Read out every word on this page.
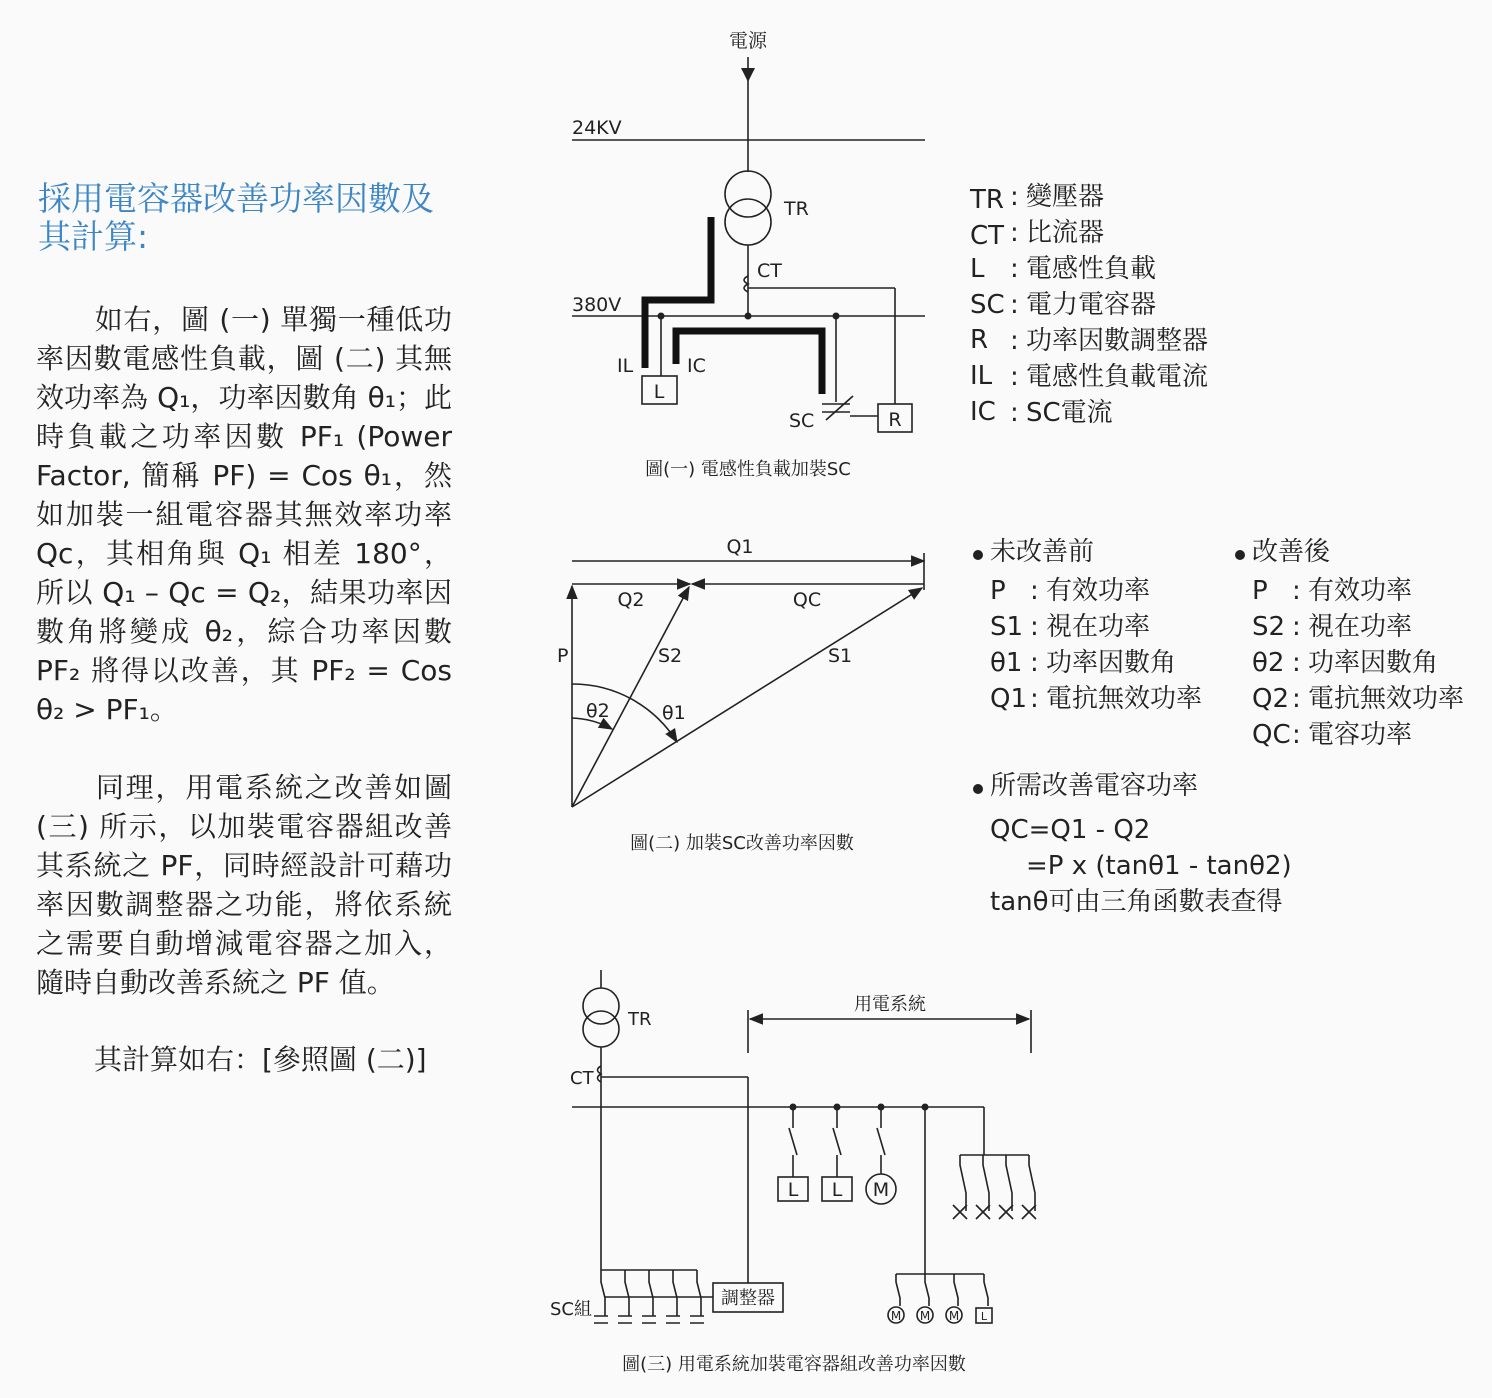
採用電容器改善功率因數及其計算:

如右，圖 (一) 單獨一種低功率因數電感性負載，圖 (二) 其無效功率為 Q₁，功率因數角 θ₁；此時負載之功率因數 PF₁ (Power Factor, 簡稱 PF) = Cos θ₁，然如加裝一組電容器其無效率功率 Qc，其相角與 Q₁ 相差 180°，所以 Q₁ – Qc = Q₂，結果功率因數角將變成 θ₂，綜合功率因數 PF₂ 將得以改善，其 PF₂ = Cos θ₂ > PF₁。

同理，用電系統之改善如圖 (三) 所示，以加裝電容器組改善其系統之 PF，同時經設計可藉功率因數調整器之功能，將依系統之需要自動增減電容器之加入，隨時自動改善系統之 PF 值。

其計算如右：[參照圖 (二)]

電源
24KV
TR
CT
380V
L
IL	IC
SC	R
圖(一) 電感性負載加裝SC
TR : 變壓器
CT : 比流器
L : 電感性負載
SC : 電力電容器
R : 功率因數調整器
IL : 電感性負載電流
IC : SC電流
Q1
Q2	QC
P	S2	S1
θ2	θ1
圖(二) 加裝SC改善功率因數
未改善前
P : 有效功率
S1 : 視在功率
θ1 : 功率因數角
Q1 : 電抗無效功率
改善後
P : 有效功率
S2 : 視在功率
θ2 : 功率因數角
Q2 : 電抗無效功率
QC : 電容功率
所需改善電容功率
QC=Q1 - Q2
=P x (tanθ1 - tanθ2)
tanθ可由三角函數表查得
TR
CT
用電系統
L L M
M M M L
SC組
調整器
圖(三) 用電系統加裝電容器組改善功率因數
